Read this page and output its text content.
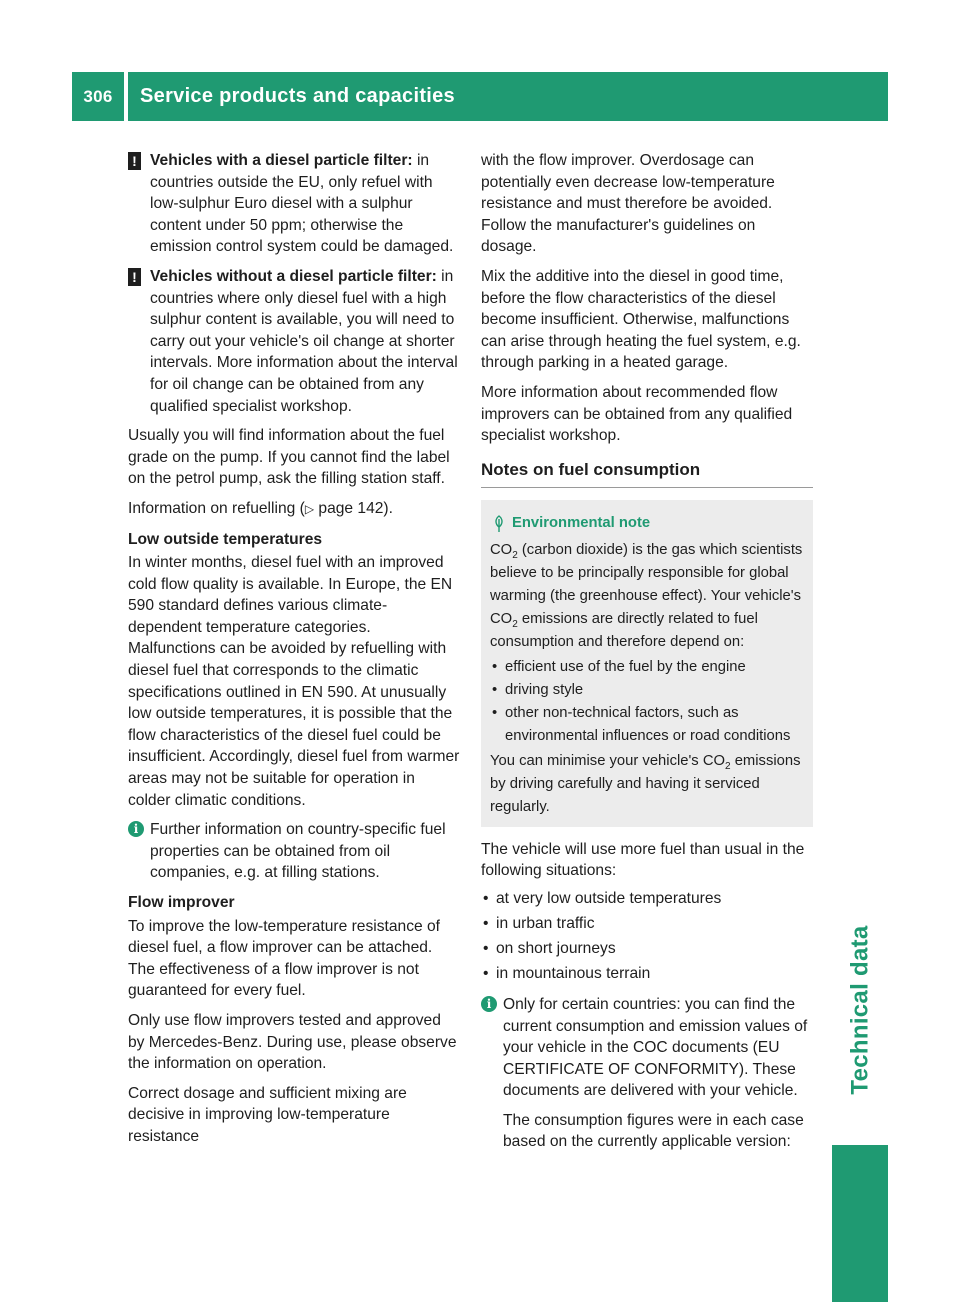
306	Service products and capacities
Technical data
! Vehicles with a diesel particle filter: in countries outside the EU, only refuel with low-sulphur Euro diesel with a sulphur content under 50 ppm; otherwise the emission control system could be damaged.
! Vehicles without a diesel particle filter: in countries where only diesel fuel with a high sulphur content is available, you will need to carry out your vehicle's oil change at shorter intervals. More information about the interval for oil change can be obtained from any qualified specialist workshop.

Usually you will find information about the fuel grade on the pump. If you cannot find the label on the petrol pump, ask the filling station staff.

Information on refuelling (▷ page 142).

Low outside temperatures

In winter months, diesel fuel with an improved cold flow quality is available. In Europe, the EN 590 standard defines various climate-dependent temperature categories. Malfunctions can be avoided by refuelling with diesel fuel that corresponds to the climatic specifications outlined in EN 590. At unusually low outside temperatures, it is possible that the flow characteristics of the diesel fuel could be insufficient. Accordingly, diesel fuel from warmer areas may not be suitable for operation in colder climatic conditions.

i Further information on country-specific fuel properties can be obtained from oil companies, e.g. at filling stations.
Flow improver

To improve the low-temperature resistance of diesel fuel, a flow improver can be attached. The effectiveness of a flow improver is not guaranteed for every fuel.

Only use flow improvers tested and approved by Mercedes-Benz. During use, please observe the information on operation.

Correct dosage and sufficient mixing are decisive in improving low-temperature resistance

with the flow improver. Overdosage can potentially even decrease low-temperature resistance and must therefore be avoided. Follow the manufacturer's guidelines on dosage.

Mix the additive into the diesel in good time, before the flow characteristics of the diesel become insufficient. Otherwise, malfunctions can arise through heating the fuel system, e.g. through parking in a heated garage.

More information about recommended flow improvers can be obtained from any qualified specialist workshop.

Notes on fuel consumption
Environmental note
$CO_2$ (carbon dioxide) is the gas which scientists believe to be principally responsible for global warming (the greenhouse effect). Your vehicle's $CO_2$ emissions are directly related to fuel consumption and therefore depend on:
• efficient use of the fuel by the engine
• driving style
• other non-technical factors, such as environmental influences or road conditions
You can minimise your vehicle's $CO_2$ emissions by driving carefully and having it serviced regularly.

The vehicle will use more fuel than usual in the following situations:

• at very low outside temperatures
• in urban traffic
• on short journeys
• in mountainous terrain
i Only for certain countries: you can find the current consumption and emission values of your vehicle in the COC documents (EU CERTIFICATE OF CONFORMITY). These documents are delivered with your vehicle.

The consumption figures were in each case based on the currently applicable version:
